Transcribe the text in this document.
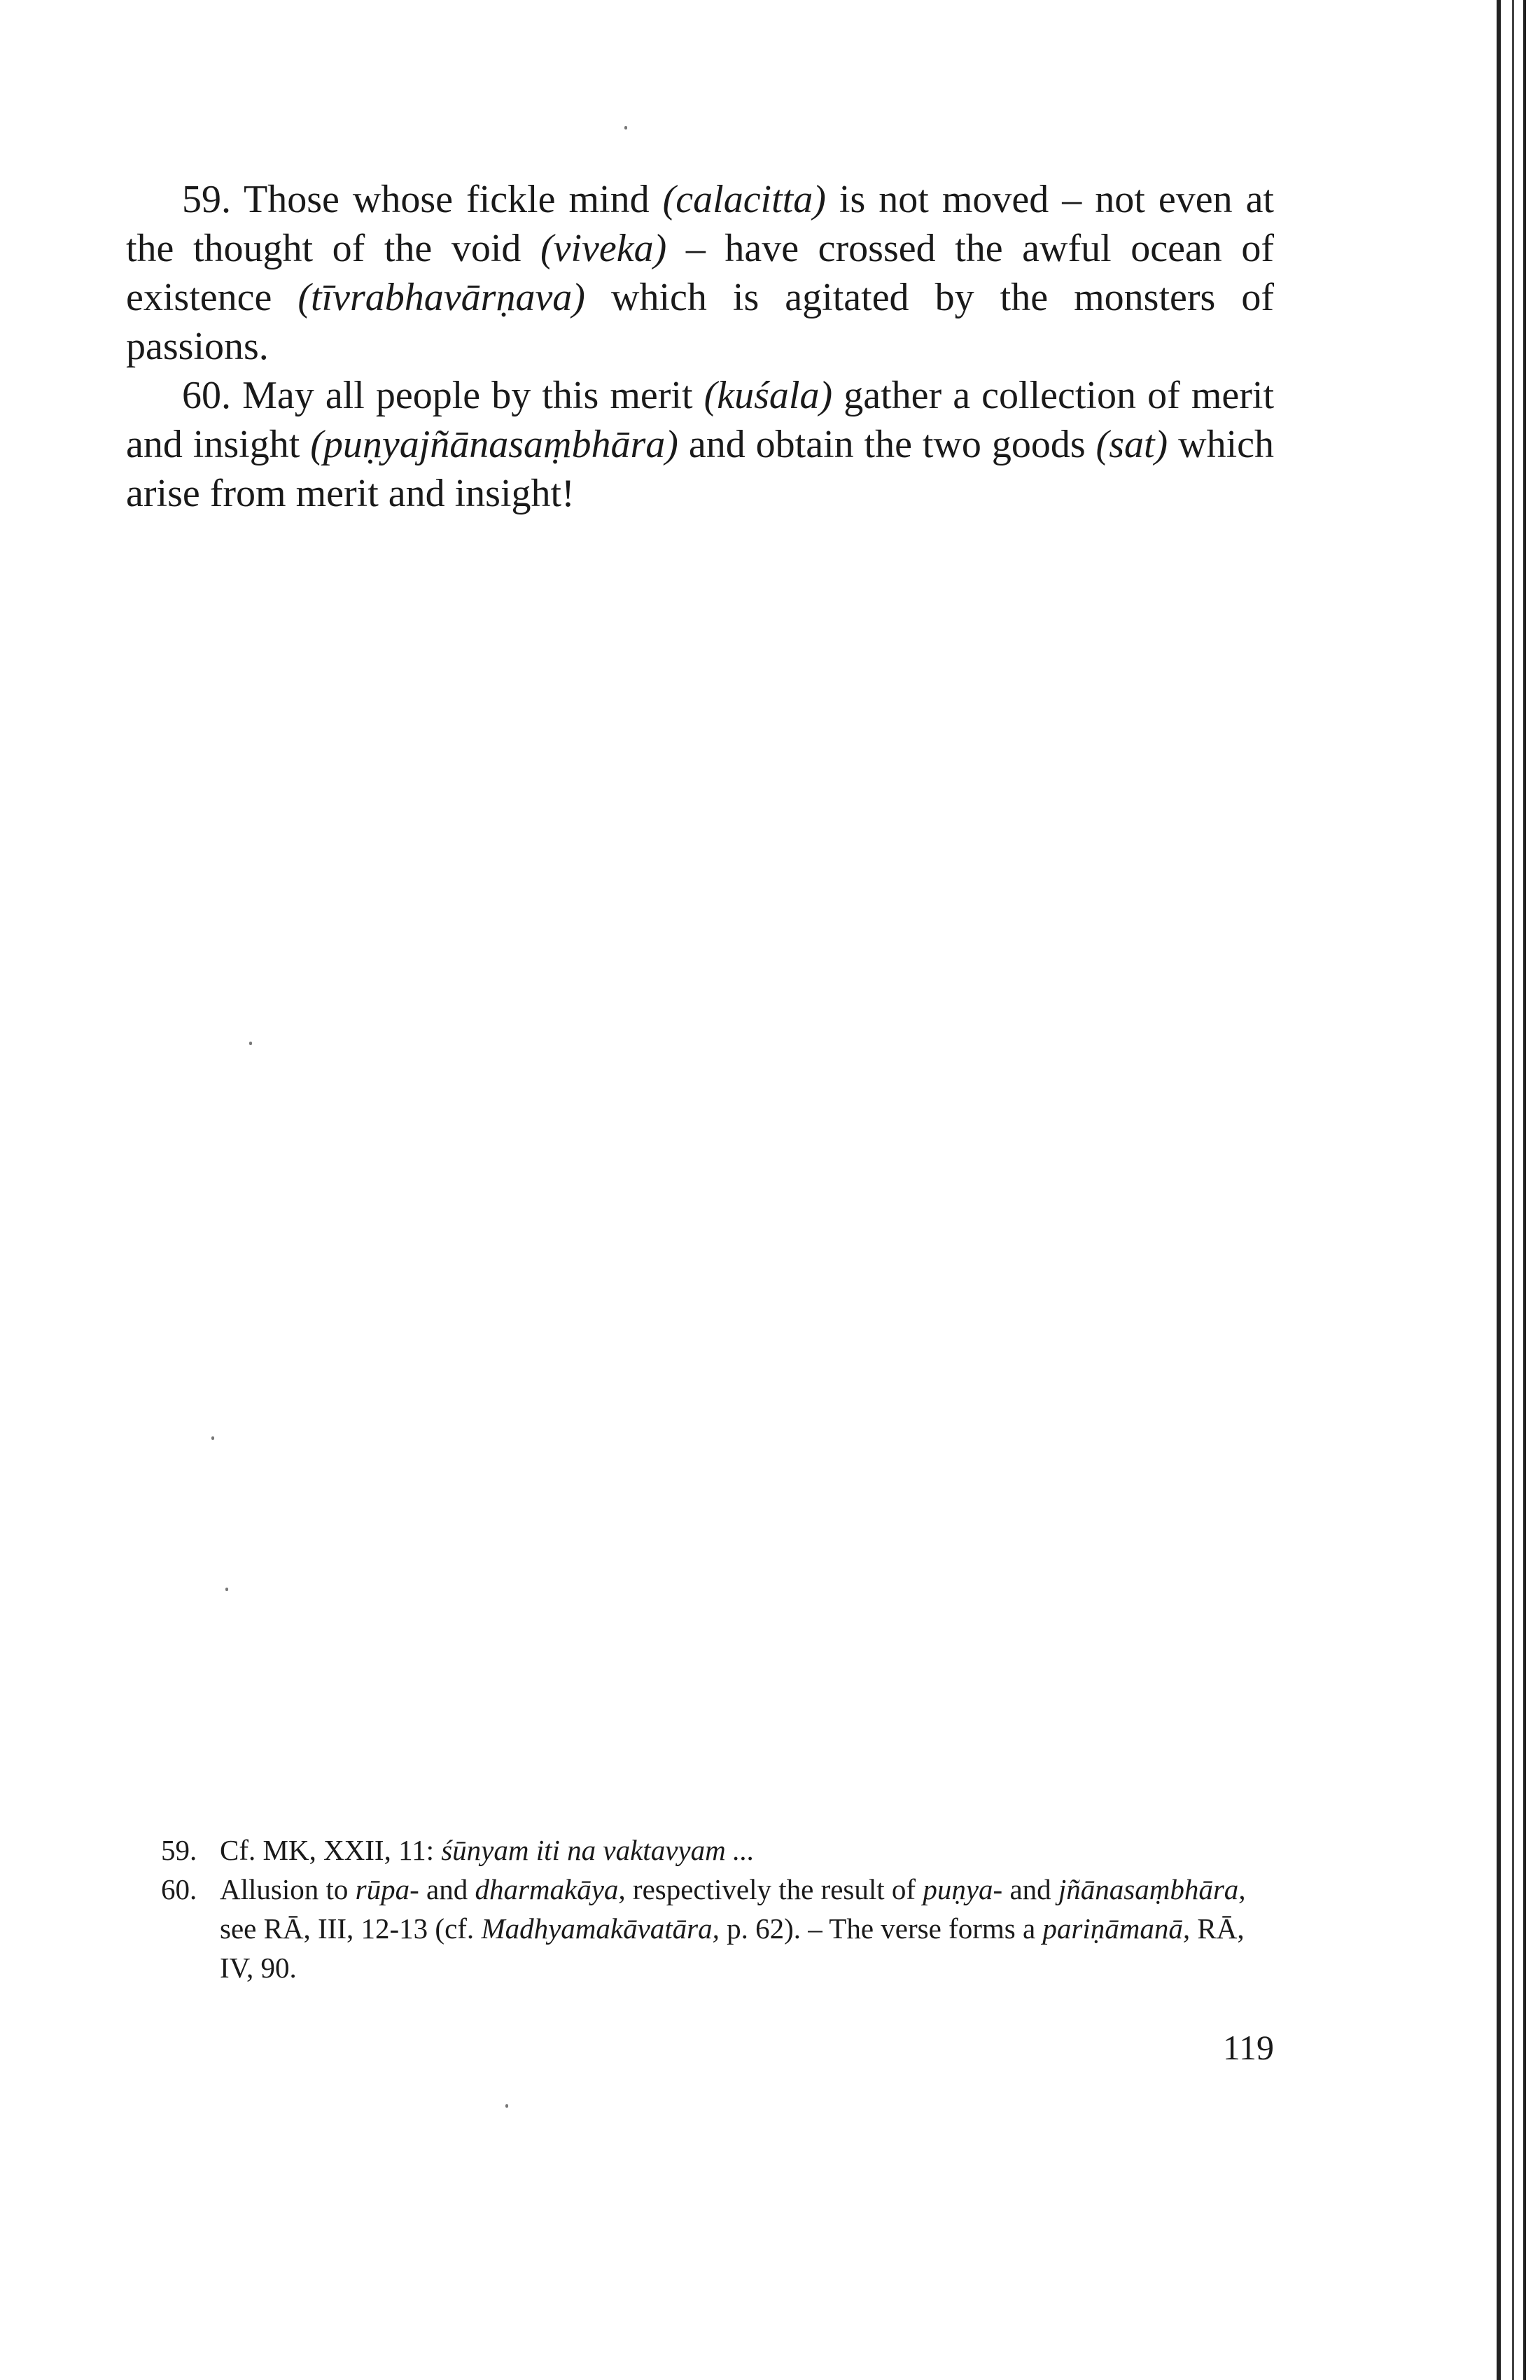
59. Those whose fickle mind (calacitta) is not moved – not even at the thought of the void (viveka) – have crossed the awful ocean of existence (tīvrabhavārṇava) which is agitated by the monsters of passions.

60. May all people by this merit (kuśala) gather a collection of merit and insight (puṇyajñānasaṃbhāra) and obtain the two goods (sat) which arise from merit and insight!

59. Cf. MK, XXII, 11: śūnyam iti na vaktavyam ...

60. Allusion to rūpa- and dharmakāya, respectively the result of puṇya- and jñānasaṃbhāra, see RĀ, III, 12-13 (cf. Madhyamakāvatāra, p. 62). – The verse forms a pariṇāmanā, RĀ, IV, 90.

119
